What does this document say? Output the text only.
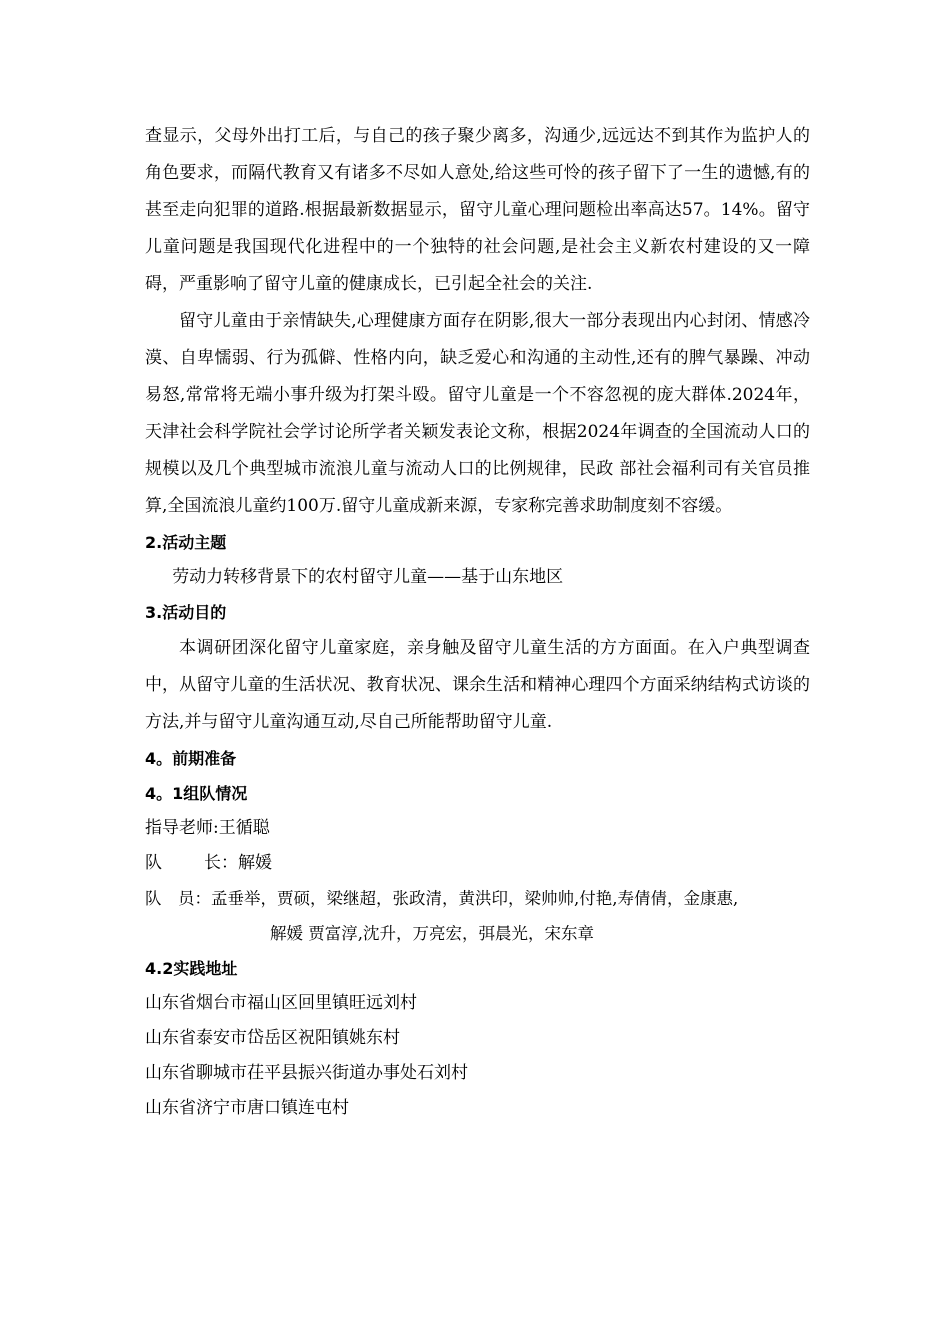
查显示，父母外出打工后，与自己的孩子聚少离多，沟通少,远远达不到其作为监护人的角色要求，而隔代教育又有诸多不尽如人意处,给这些可怜的孩子留下了一生的遗憾,有的甚至走向犯罪的道路.根据最新数据显示，留守儿童心理问题检出率高达57。14%。留守儿童问题是我国现代化进程中的一个独特的社会问题,是社会主义新农村建设的又一障碍，严重影响了留守儿童的健康成长，已引起全社会的关注.

留守儿童由于亲情缺失,心理健康方面存在阴影,很大一部分表现出内心封闭、情感冷漠、自卑懦弱、行为孤僻、性格内向，缺乏爱心和沟通的主动性,还有的脾气暴躁、冲动易怒,常常将无端小事升级为打架斗殴。留守儿童是一个不容忽视的庞大群体.2024年，天津社会科学院社会学讨论所学者关颖发表论文称，根据2024年调查的全国流动人口的规模以及几个典型城市流浪儿童与流动人口的比例规律，民政 部社会福利司有关官员推算,全国流浪儿童约100万.留守儿童成新来源，专家称完善求助制度刻不容缓。

2.活动主题

劳动力转移背景下的农村留守儿童——基于山东地区

3.活动目的

本调研团深化留守儿童家庭，亲身触及留守儿童生活的方方面面。在入户典型调查中，从留守儿童的生活状况、教育状况、课余生活和精神心理四个方面采纳结构式访谈的方法,并与留守儿童沟通互动,尽自己所能帮助留守儿童.

4。前期准备

4。1组队情况

指导老师:王循聪

队 长：解媛

队　员：孟垂举，贾硕，梁继超，张政清，黄洪印，梁帅帅,付艳,寿倩倩，金康惠,
解媛 贾富淳,沈升，万亮宏，弭晨光，宋东章

4.2实践地址

山东省烟台市福山区回里镇旺远刘村

山东省泰安市岱岳区祝阳镇姚东村

山东省聊城市茌平县振兴街道办事处石刘村

山东省济宁市唐口镇连屯村
